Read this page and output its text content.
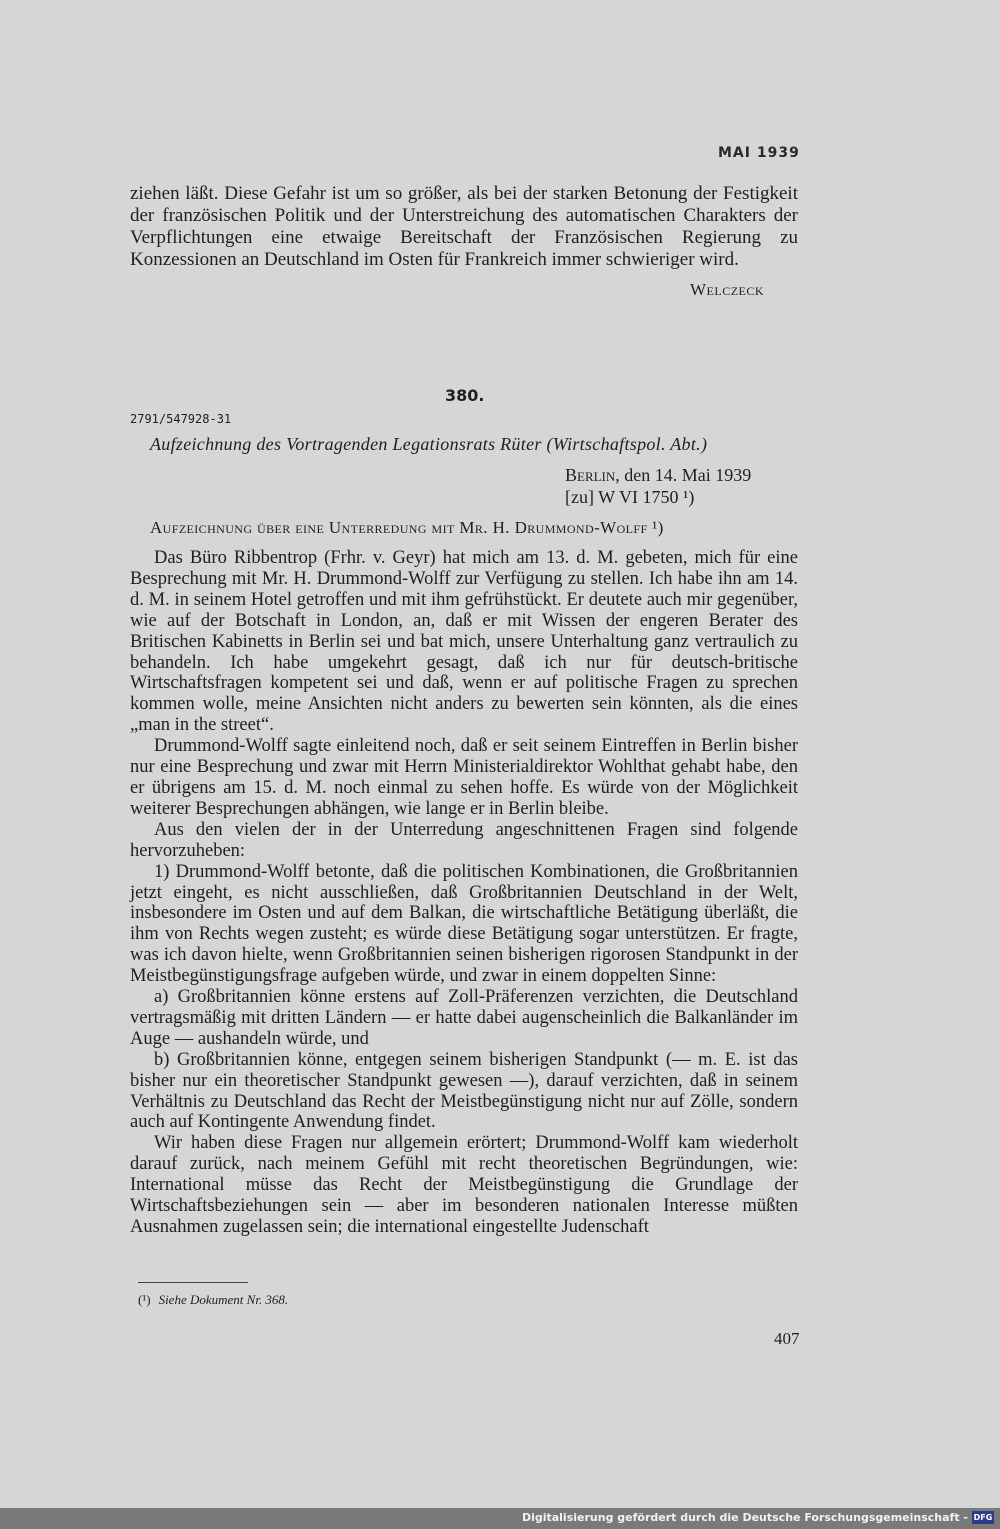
MAI 1939
ziehen läßt. Diese Gefahr ist um so größer, als bei der starken Betonung der Festigkeit der französischen Politik und der Unterstreichung des automatischen Charakters der Verpflichtungen eine etwaige Bereitschaft der Französischen Regierung zu Konzessionen an Deutschland im Osten für Frankreich immer schwieriger wird.
Welczeck
380.
2791/547928-31
Aufzeichnung des Vortragenden Legationsrats Rüter (Wirtschaftspol. Abt.)
Berlin, den 14. Mai 1939
[zu] W VI 1750 ¹)
Aufzeichnung über eine Unterredung mit Mr. H. Drummond-Wolff ¹)

Das Büro Ribbentrop (Frhr. v. Geyr) hat mich am 13. d. M. gebeten, mich für eine Besprechung mit Mr. H. Drummond-Wolff zur Verfügung zu stellen. Ich habe ihn am 14. d. M. in seinem Hotel getroffen und mit ihm gefrühstückt. Er deutete auch mir gegenüber, wie auf der Botschaft in London, an, daß er mit Wissen der engeren Berater des Britischen Kabinetts in Berlin sei und bat mich, unsere Unterhaltung ganz vertraulich zu behandeln. Ich habe umgekehrt gesagt, daß ich nur für deutsch-britische Wirtschaftsfragen kompetent sei und daß, wenn er auf politische Fragen zu sprechen kommen wolle, meine Ansichten nicht anders zu bewerten sein könnten, als die eines „man in the street“.

Drummond-Wolff sagte einleitend noch, daß er seit seinem Eintreffen in Berlin bisher nur eine Besprechung und zwar mit Herrn Ministerialdirektor Wohlthat gehabt habe, den er übrigens am 15. d. M. noch einmal zu sehen hoffe. Es würde von der Möglichkeit weiterer Besprechungen abhängen, wie lange er in Berlin bleibe.

Aus den vielen der in der Unterredung angeschnittenen Fragen sind folgende hervorzuheben:

1) Drummond-Wolff betonte, daß die politischen Kombinationen, die Großbritannien jetzt eingeht, es nicht ausschließen, daß Großbritannien Deutschland in der Welt, insbesondere im Osten und auf dem Balkan, die wirtschaftliche Betätigung überläßt, die ihm von Rechts wegen zusteht; es würde diese Betätigung sogar unterstützen. Er fragte, was ich davon hielte, wenn Großbritannien seinen bisherigen rigorosen Standpunkt in der Meistbegünstigungsfrage aufgeben würde, und zwar in einem doppelten Sinne:

a) Großbritannien könne erstens auf Zoll-Präferenzen verzichten, die Deutschland vertragsmäßig mit dritten Ländern — er hatte dabei augenscheinlich die Balkanländer im Auge — aushandeln würde, und

b) Großbritannien könne, entgegen seinem bisherigen Standpunkt (— m. E. ist das bisher nur ein theoretischer Standpunkt gewesen —), darauf verzichten, daß in seinem Verhältnis zu Deutschland das Recht der Meistbegünstigung nicht nur auf Zölle, sondern auch auf Kontingente Anwendung findet.

Wir haben diese Fragen nur allgemein erörtert; Drummond-Wolff kam wiederholt darauf zurück, nach meinem Gefühl mit recht theoretischen Begründungen, wie: International müsse das Recht der Meistbegünstigung die Grundlage der Wirtschaftsbeziehungen sein — aber im besonderen nationalen Interesse müßten Ausnahmen zugelassen sein; die international eingestellte Judenschaft

(¹) Siehe Dokument Nr. 368.
407
Digitalisierung gefördert durch die Deutsche Forschungsgemeinschaft - DFG
